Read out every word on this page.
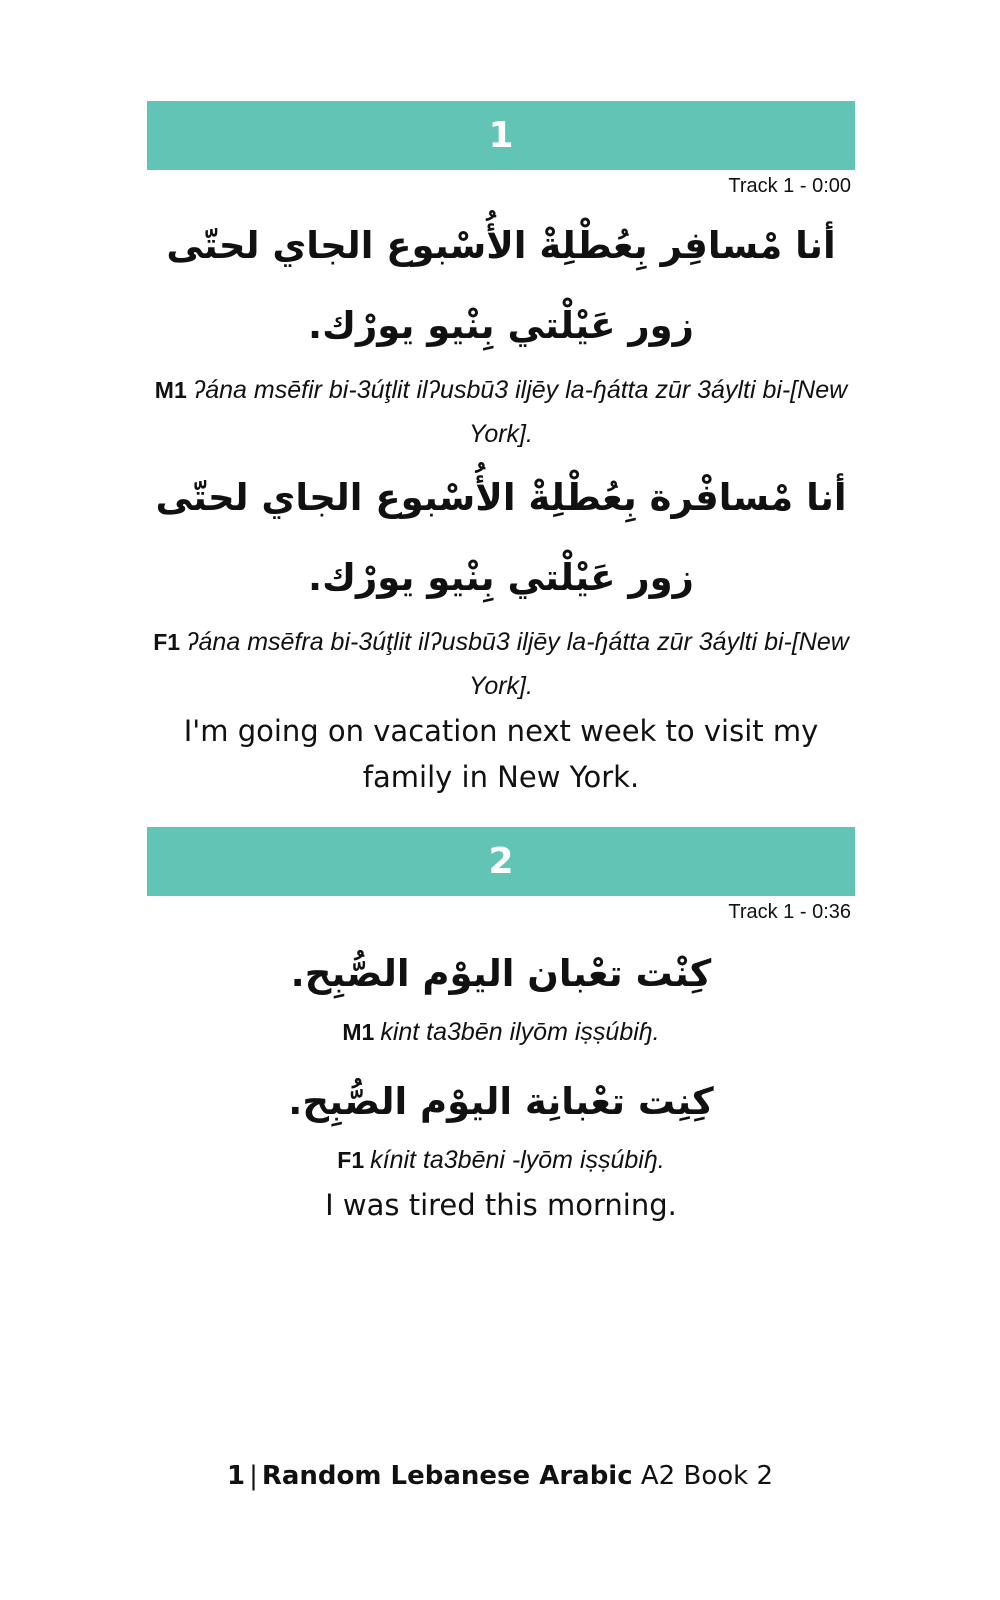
1
Track 1 - 0:00
أنا مْسافِر بِعُطْلِةْ الأُسْبوع الجاي لحتّى زور عَيْلْتي بِنْيو يورْك.
M1 ʔána msēfir bi-3úţlit ilʔusbū3 iljēy la-ɧátta zūr 3áylti bi-[New York].
أنا مْسافْرة بِعُطْلِةْ الأُسْبوع الجاي لحتّى زور عَيْلْتي بِنْيو يورْك.
F1 ʔána msēfra bi-3úţlit ilʔusbū3 iljēy la-ɧátta zūr 3áylti bi-[New York].
I'm going on vacation next week to visit my family in New York.
2
Track 1 - 0:36
كِنْت تعْبان اليوْم الصُّبِح.
M1 kint ta3bēn ilyōm iṣṣúbiɧ.
كِنِت تعْبانِة اليوْم الصُّبِح.
F1 kínit ta3bēni -lyōm iṣṣúbiɧ.
I was tired this morning.
1 | Random Lebanese Arabic A2 Book 2
